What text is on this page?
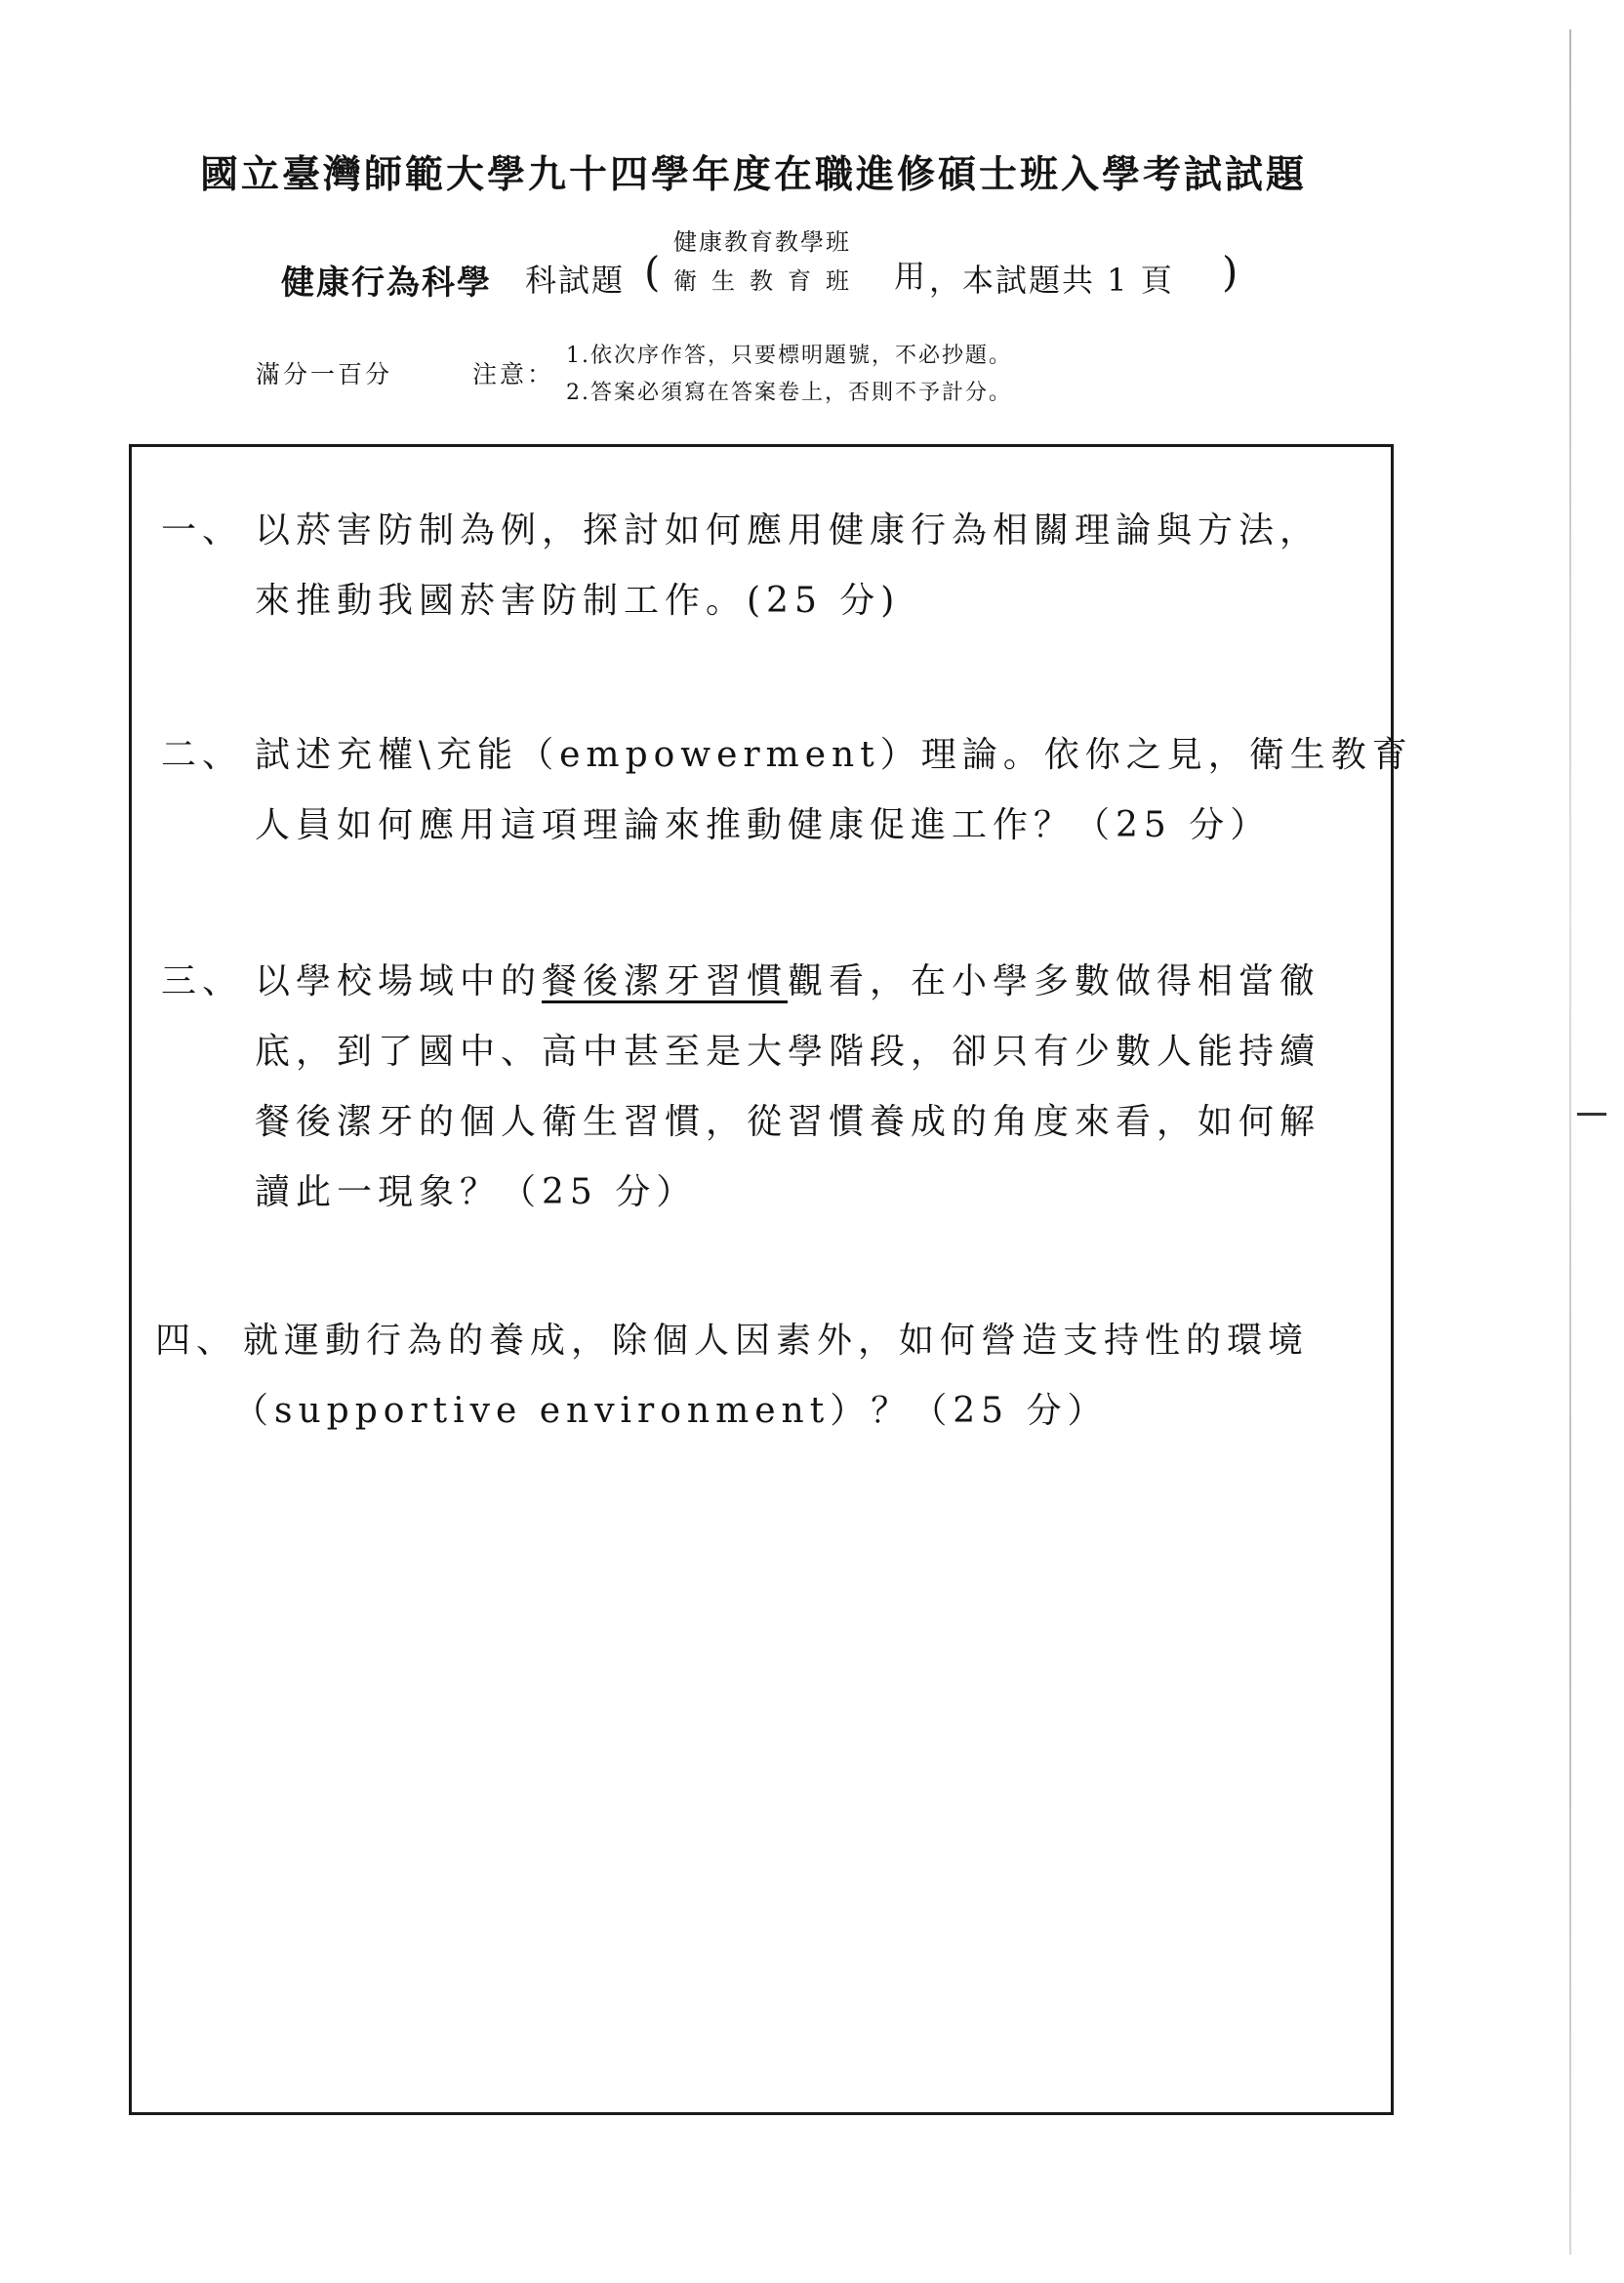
國立臺灣師範大學九十四學年度在職進修碩士班入學考試試題
健康行為科學 科試題 (
健康教育教學班
衛生教育班 用 ，本試題共 1 頁 )
滿分一百分	注意：
1.依次序作答，只要標明題號，不必抄題。
2.答案必須寫在答案卷上，否則不予計分。
一、 以菸害防制為例，探討如何應用健康行為相關理論與方法，
來推動我國菸害防制工作。(25 分)
二、 試述充權\充能（empowerment）理論。依你之見，衛生教育
人員如何應用這項理論來推動健康促進工作？（25 分）
三、 以學校場域中的餐後潔牙習慣觀看，在小學多數做得相當徹
底，到了國中、高中甚至是大學階段，卻只有少數人能持續
餐後潔牙的個人衛生習慣，從習慣養成的角度來看，如何解
讀此一現象？（25 分）
四、 就運動行為的養成，除個人因素外，如何營造支持性的環境
（supportive environment）？（25 分）
